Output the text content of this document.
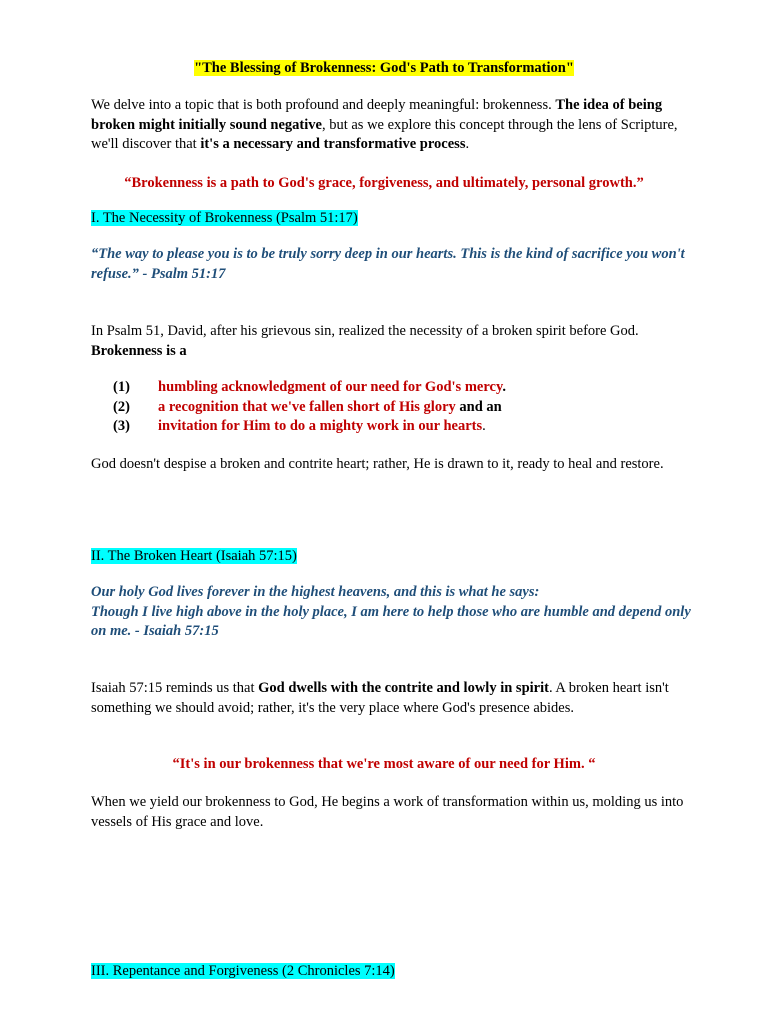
"The Blessing of Brokenness: God's Path to Transformation"

We delve into a topic that is both profound and deeply meaningful: brokenness. The idea of being broken might initially sound negative, but as we explore this concept through the lens of Scripture, we'll discover that it's a necessary and transformative process.

“Brokenness is a path to God's grace, forgiveness, and ultimately, personal growth.”

I. The Necessity of Brokenness (Psalm 51:17)

“The way to please you is to be truly sorry deep in our hearts. This is the kind of sacrifice you won't refuse.” - Psalm 51:17

In Psalm 51, David, after his grievous sin, realized the necessity of a broken spirit before God. Brokenness is a

(1)	humbling acknowledgment of our need for God's mercy.
(2)	a recognition that we've fallen short of His glory and an
(3)	invitation for Him to do a mighty work in our hearts.

God doesn't despise a broken and contrite heart; rather, He is drawn to it, ready to heal and restore.

II. The Broken Heart (Isaiah 57:15)

Our holy God lives forever in the highest heavens, and this is what he says:
Though I live high above in the holy place, I am here to help those who are humble and depend only on me. - Isaiah 57:15

Isaiah 57:15 reminds us that God dwells with the contrite and lowly in spirit. A broken heart isn't something we should avoid; rather, it's the very place where God's presence abides.

“It's in our brokenness that we're most aware of our need for Him. “

When we yield our brokenness to God, He begins a work of transformation within us, molding us into vessels of His grace and love.

III. Repentance and Forgiveness (2 Chronicles 7:14)
